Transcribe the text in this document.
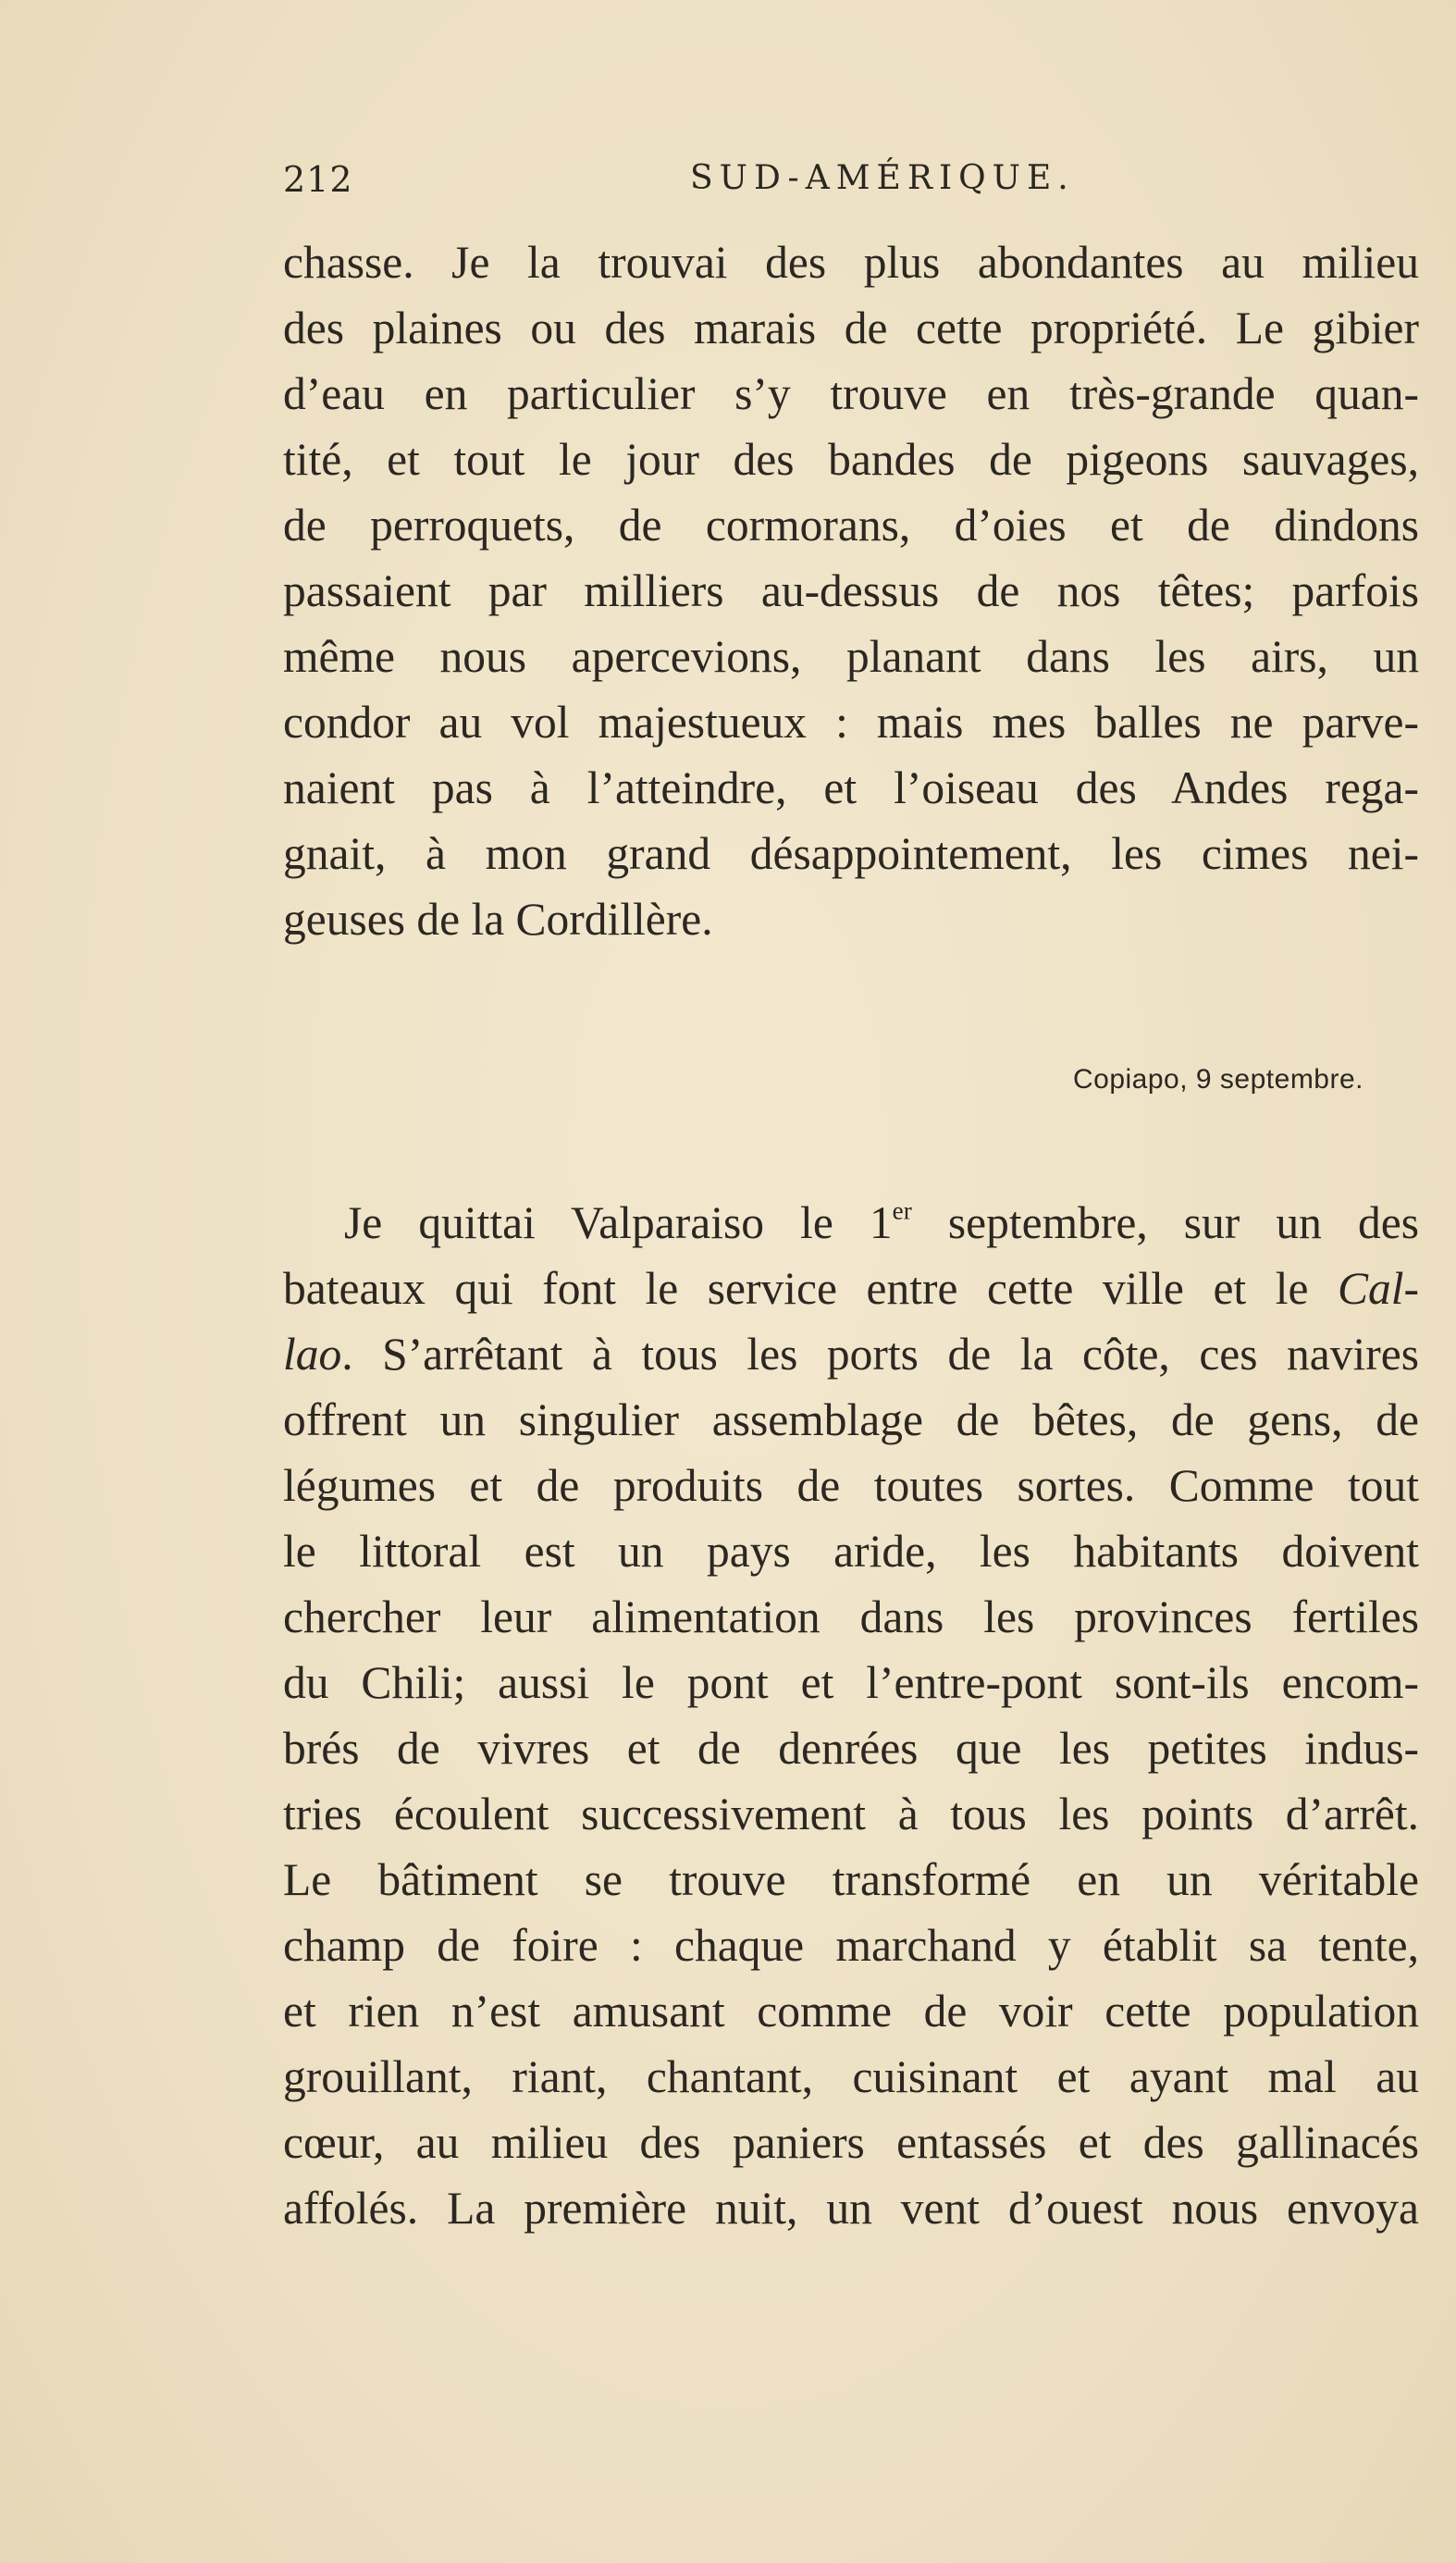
212	SUD-AMÉRIQUE.
chasse. Je la trouvai des plus abondantes au milieu
des plaines ou des marais de cette propriété. Le gibier
d’eau en particulier s’y trouve en très-grande quan-
tité, et tout le jour des bandes de pigeons sauvages,
de perroquets, de cormorans, d’oies et de dindons
passaient par milliers au-dessus de nos têtes; parfois
même nous apercevions, planant dans les airs, un
condor au vol majestueux : mais mes balles ne parve-
naient pas à l’atteindre, et l’oiseau des Andes rega-
gnait, à mon grand désappointement, les cimes nei-
geuses de la Cordillère.
Copiapo, 9 septembre.
Je quittai Valparaiso le 1er septembre, sur un des
bateaux qui font le service entre cette ville et le Cal-
lao. S’arrêtant à tous les ports de la côte, ces navires
offrent un singulier assemblage de bêtes, de gens, de
légumes et de produits de toutes sortes. Comme tout
le littoral est un pays aride, les habitants doivent
chercher leur alimentation dans les provinces fertiles
du Chili; aussi le pont et l’entre-pont sont-ils encom-
brés de vivres et de denrées que les petites indus-
tries écoulent successivement à tous les points d’arrêt.
Le bâtiment se trouve transformé en un véritable
champ de foire : chaque marchand y établit sa tente,
et rien n’est amusant comme de voir cette population
grouillant, riant, chantant, cuisinant et ayant mal au
cœur, au milieu des paniers entassés et des gallinacés
affolés. La première nuit, un vent d’ouest nous envoya
